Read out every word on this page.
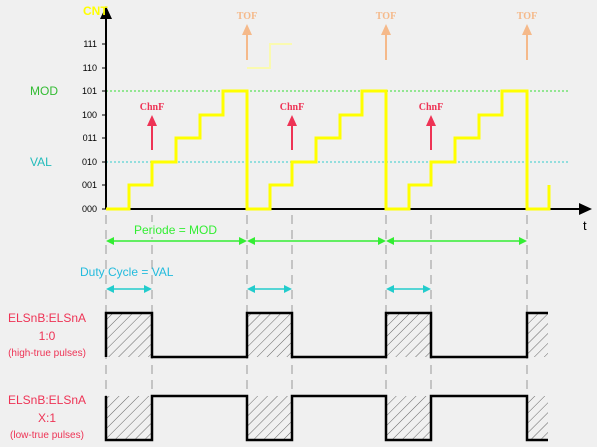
CNT
t
111
110
101
100
011
010
001
000
MOD
VAL
TOF	TOF	TOF
ChnF	ChnF	ChnF
Periode = MOD
Duty Cycle = VAL
ELSnB:ELSnA
1:0
(high-true pulses)
ELSnB:ELSnA
X:1
(low-true pulses)
